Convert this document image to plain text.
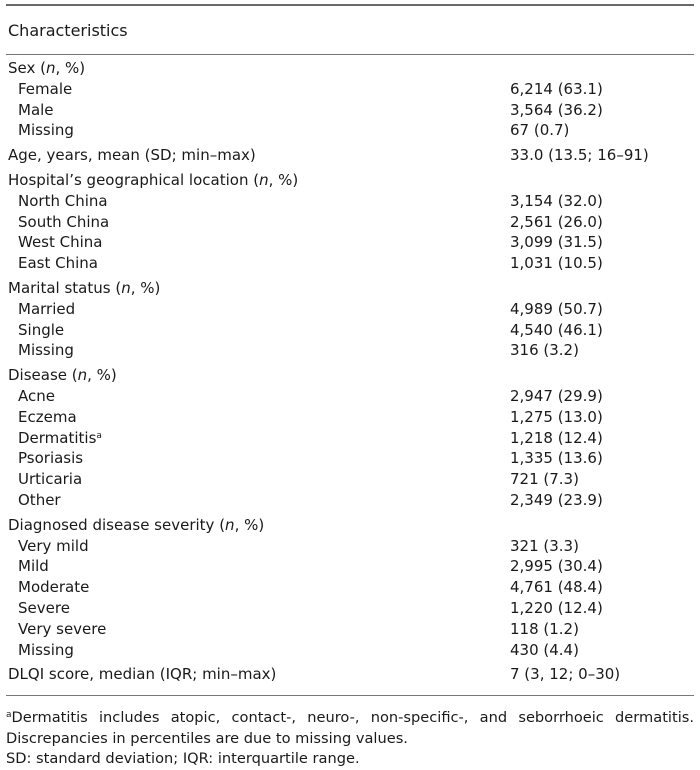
Characteristics
Sex (n, %)
Female	6,214 (63.1)
Male	3,564 (36.2)
Missing	67 (0.7)
Age, years, mean (SD; min–max)	33.0 (13.5; 16–91)
Hospital’s geographical location (n, %)
North China	3,154 (32.0)
South China	2,561 (26.0)
West China	3,099 (31.5)
East China	1,031 (10.5)
Marital status (n, %)
Married	4,989 (50.7)
Single	4,540 (46.1)
Missing	316 (3.2)
Disease (n, %)
Acne	2,947 (29.9)
Eczema	1,275 (13.0)
Dermatitis$^a$	1,218 (12.4)
Psoriasis	1,335 (13.6)
Urticaria	721 (7.3)
Other	2,349 (23.9)
Diagnosed disease severity (n, %)
Very mild	321 (3.3)
Mild	2,995 (30.4)
Moderate	4,761 (48.4)
Severe	1,220 (12.4)
Very severe	118 (1.2)
Missing	430 (4.4)
DLQI score, median (IQR; min–max)	7 (3, 12; 0–30)

$^a$Dermatitis includes atopic, contact-, neuro-, non-specific-, and seborrhoeic dermatitis. Discrepancies in percentiles are due to missing values.

SD: standard deviation; IQR: interquartile range.
